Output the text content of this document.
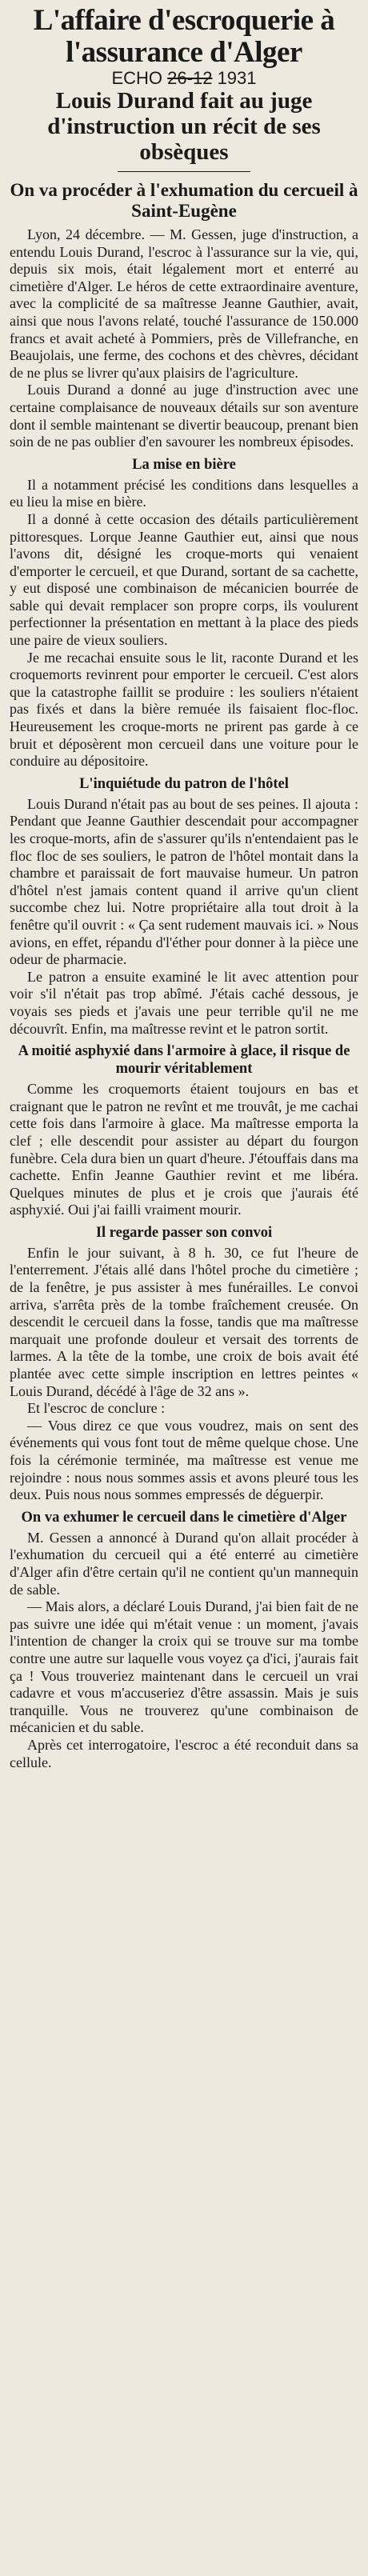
L'affaire d'escroquerie à l'assurance d'Alger
ECHO 26-12 1931
Louis Durand fait au juge d'instruction un récit de ses obsèques
On va procéder à l'exhumation du cercueil à Saint-Eugène

Lyon, 24 décembre. — M. Gessen, juge d'instruction, a entendu Louis Durand, l'escroc à l'assurance sur la vie, qui, depuis six mois, était légalement mort et enterré au cimetière d'Alger. Le héros de cette extraordinaire aventure, avec la complicité de sa maîtresse Jeanne Gauthier, avait, ainsi que nous l'avons relaté, touché l'assurance de 150.000 francs et avait acheté à Pommiers, près de Villefranche, en Beaujolais, une ferme, des cochons et des chèvres, décidant de ne plus se livrer qu'aux plaisirs de l'agriculture.

Louis Durand a donné au juge d'instruction avec une certaine complaisance de nouveaux détails sur son aventure dont il semble maintenant se divertir beaucoup, prenant bien soin de ne pas oublier d'en savourer les nombreux épisodes.

La mise en bière

Il a notamment précisé les conditions dans lesquelles a eu lieu la mise en bière.

Il a donné à cette occasion des détails particulièrement pittoresques. Lorque Jeanne Gauthier eut, ainsi que nous l'avons dit, désigné les croque-morts qui venaient d'emporter le cercueil, et que Durand, sortant de sa cachette, y eut disposé une combinaison de mécanicien bourrée de sable qui devait remplacer son propre corps, ils voulurent perfectionner la présentation en mettant à la place des pieds une paire de vieux souliers.

Je me recachai ensuite sous le lit, raconte Durand et les croquemorts revinrent pour emporter le cercueil. C'est alors que la catastrophe faillit se produire : les souliers n'étaient pas fixés et dans la bière remuée ils faisaient floc-floc. Heureusement les croque-morts ne prirent pas garde à ce bruit et déposèrent mon cercueil dans une voiture pour le conduire au dépositoire.

L'inquiétude du patron de l'hôtel

Louis Durand n'était pas au bout de ses peines. Il ajouta : Pendant que Jeanne Gauthier descendait pour accompagner les croque-morts, afin de s'assurer qu'ils n'entendaient pas le floc floc de ses souliers, le patron de l'hôtel montait dans la chambre et paraissait de fort mauvaise humeur. Un patron d'hôtel n'est jamais content quand il arrive qu'un client succombe chez lui. Notre propriétaire alla tout droit à la fenêtre qu'il ouvrit : « Ça sent rudement mauvais ici. » Nous avions, en effet, répandu d'l'éther pour donner à la pièce une odeur de pharmacie.

Le patron a ensuite examiné le lit avec attention pour voir s'il n'était pas trop abîmé. J'étais caché dessous, je voyais ses pieds et j'avais une peur terrible qu'il ne me découvrît. Enfin, ma maîtresse revint et le patron sortit.

A moitié asphyxié dans l'armoire à glace, il risque de mourir véritablement

Comme les croquemorts étaient toujours en bas et craignant que le patron ne revînt et me trouvât, je me cachai cette fois dans l'armoire à glace. Ma maîtresse emporta la clef ; elle descendit pour assister au départ du fourgon funèbre. Cela dura bien un quart d'heure. J'étouffais dans ma cachette. Enfin Jeanne Gauthier revint et me libéra. Quelques minutes de plus et je crois que j'aurais été asphyxié. Oui j'ai failli vraiment mourir.

Il regarde passer son convoi

Enfin le jour suivant, à 8 h. 30, ce fut l'heure de l'enterrement. J'étais allé dans l'hôtel proche du cimetière ; de la fenêtre, je pus assister à mes funérailles. Le convoi arriva, s'arrêta près de la tombe fraîchement creusée. On descendit le cercueil dans la fosse, tandis que ma maîtresse marquait une profonde douleur et versait des torrents de larmes. A la tête de la tombe, une croix de bois avait été plantée avec cette simple inscription en lettres peintes « Louis Durand, décédé à l'âge de 32 ans ».

Et l'escroc de conclure :

— Vous direz ce que vous voudrez, mais on sent des événements qui vous font tout de même quelque chose. Une fois la cérémonie terminée, ma maîtresse est venue me rejoindre : nous nous sommes assis et avons pleuré tous les deux. Puis nous nous sommes empressés de déguerpir.

On va exhumer le cercueil dans le cimetière d'Alger

M. Gessen a annoncé à Durand qu'on allait procéder à l'exhumation du cercueil qui a été enterré au cimetière d'Alger afin d'être certain qu'il ne contient qu'un mannequin de sable.

— Mais alors, a déclaré Louis Durand, j'ai bien fait de ne pas suivre une idée qui m'était venue : un moment, j'avais l'intention de changer la croix qui se trouve sur ma tombe contre une autre sur laquelle vous voyez ça d'ici, j'aurais fait ça ! Vous trouveriez maintenant dans le cercueil un vrai cadavre et vous m'accuseriez d'être assassin. Mais je suis tranquille. Vous ne trouverez qu'une combinaison de mécanicien et du sable.

Après cet interrogatoire, l'escroc a été reconduit dans sa cellule.
